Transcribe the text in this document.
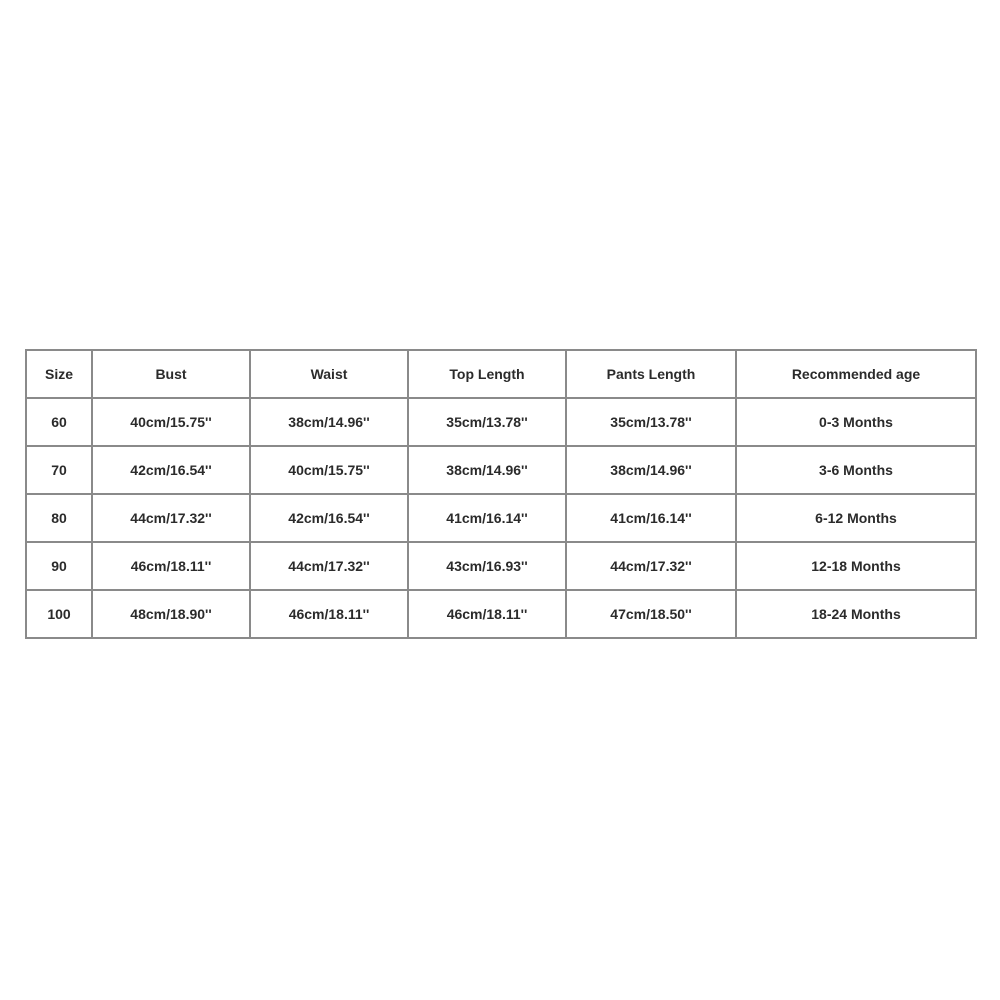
Size	Bust	Waist	Top Length	Pants Length	Recommended age
60	40cm/15.75''	38cm/14.96''	35cm/13.78''	35cm/13.78''	0-3 Months
70	42cm/16.54''	40cm/15.75''	38cm/14.96''	38cm/14.96''	3-6 Months
80	44cm/17.32''	42cm/16.54''	41cm/16.14''	41cm/16.14''	6-12 Months
90	46cm/18.11''	44cm/17.32''	43cm/16.93''	44cm/17.32''	12-18 Months
100	48cm/18.90''	46cm/18.11''	46cm/18.11''	47cm/18.50''	18-24 Months
